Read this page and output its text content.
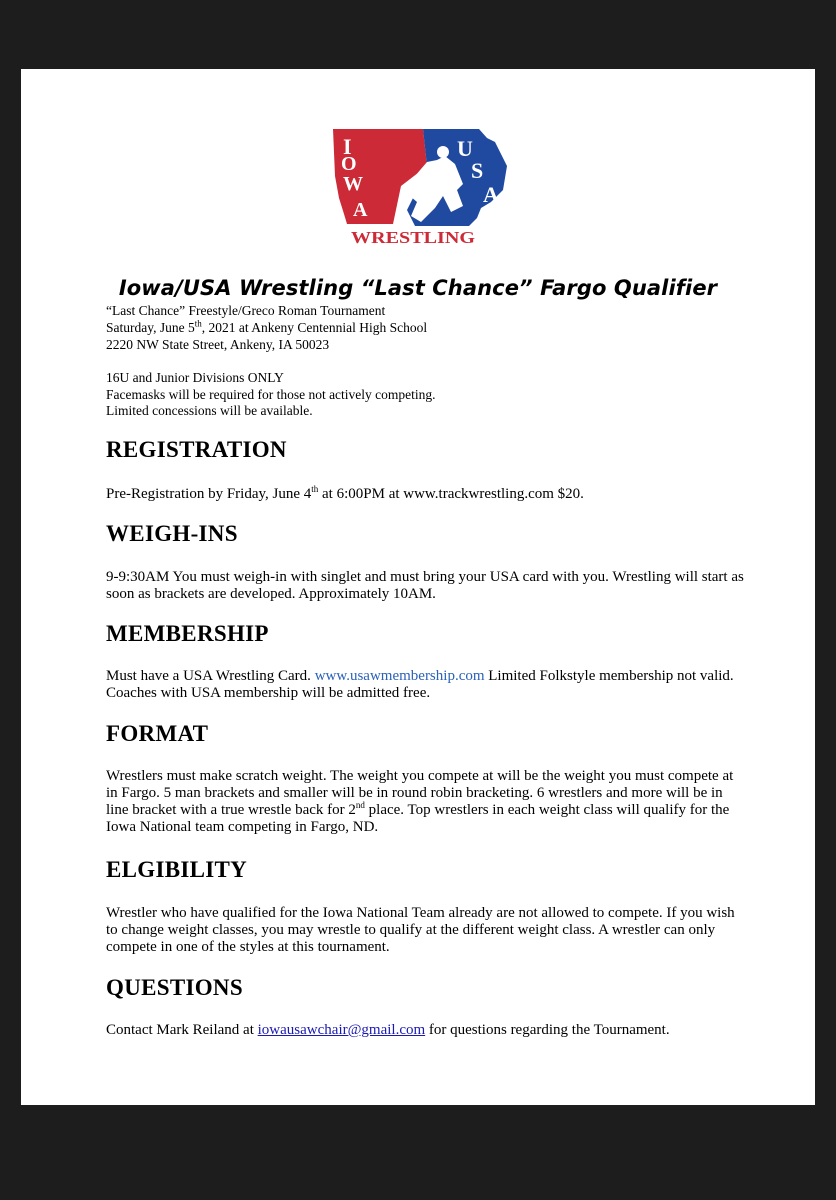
I	U SA
O W A
WRESTLING
Iowa/USA Wrestling “Last Chance” Fargo Qualifier
“Last Chance” Freestyle/Greco Roman Tournament
Saturday, June 5th, 2021 at Ankeny Centennial High School
2220 NW State Street, Ankeny, IA 50023
16U and Junior Divisions ONLY
Facemasks will be required for those not actively competing.
Limited concessions will be available.
REGISTRATION
Pre-Registration by Friday, June 4th at 6:00PM at www.trackwrestling.com $20.
WEIGH-INS
9-9:30AM You must weigh-in with singlet and must bring your USA card with you. Wrestling will start as soon as brackets are developed. Approximately 10AM.
MEMBERSHIP
Must have a USA Wrestling Card. www.usawmembership.com Limited Folkstyle membership not valid. Coaches with USA membership will be admitted free.
FORMAT
Wrestlers must make scratch weight. The weight you compete at will be the weight you must compete at in Fargo. 5 man brackets and smaller will be in round robin bracketing. 6 wrestlers and more will be in line bracket with a true wrestle back for 2nd place. Top wrestlers in each weight class will qualify for the Iowa National team competing in Fargo, ND.
ELGIBILITY
Wrestler who have qualified for the Iowa National Team already are not allowed to compete. If you wish to change weight classes, you may wrestle to qualify at the different weight class. A wrestler can only compete in one of the styles at this tournament.
QUESTIONS
Contact Mark Reiland at iowausawchair@gmail.com for questions regarding the Tournament.
